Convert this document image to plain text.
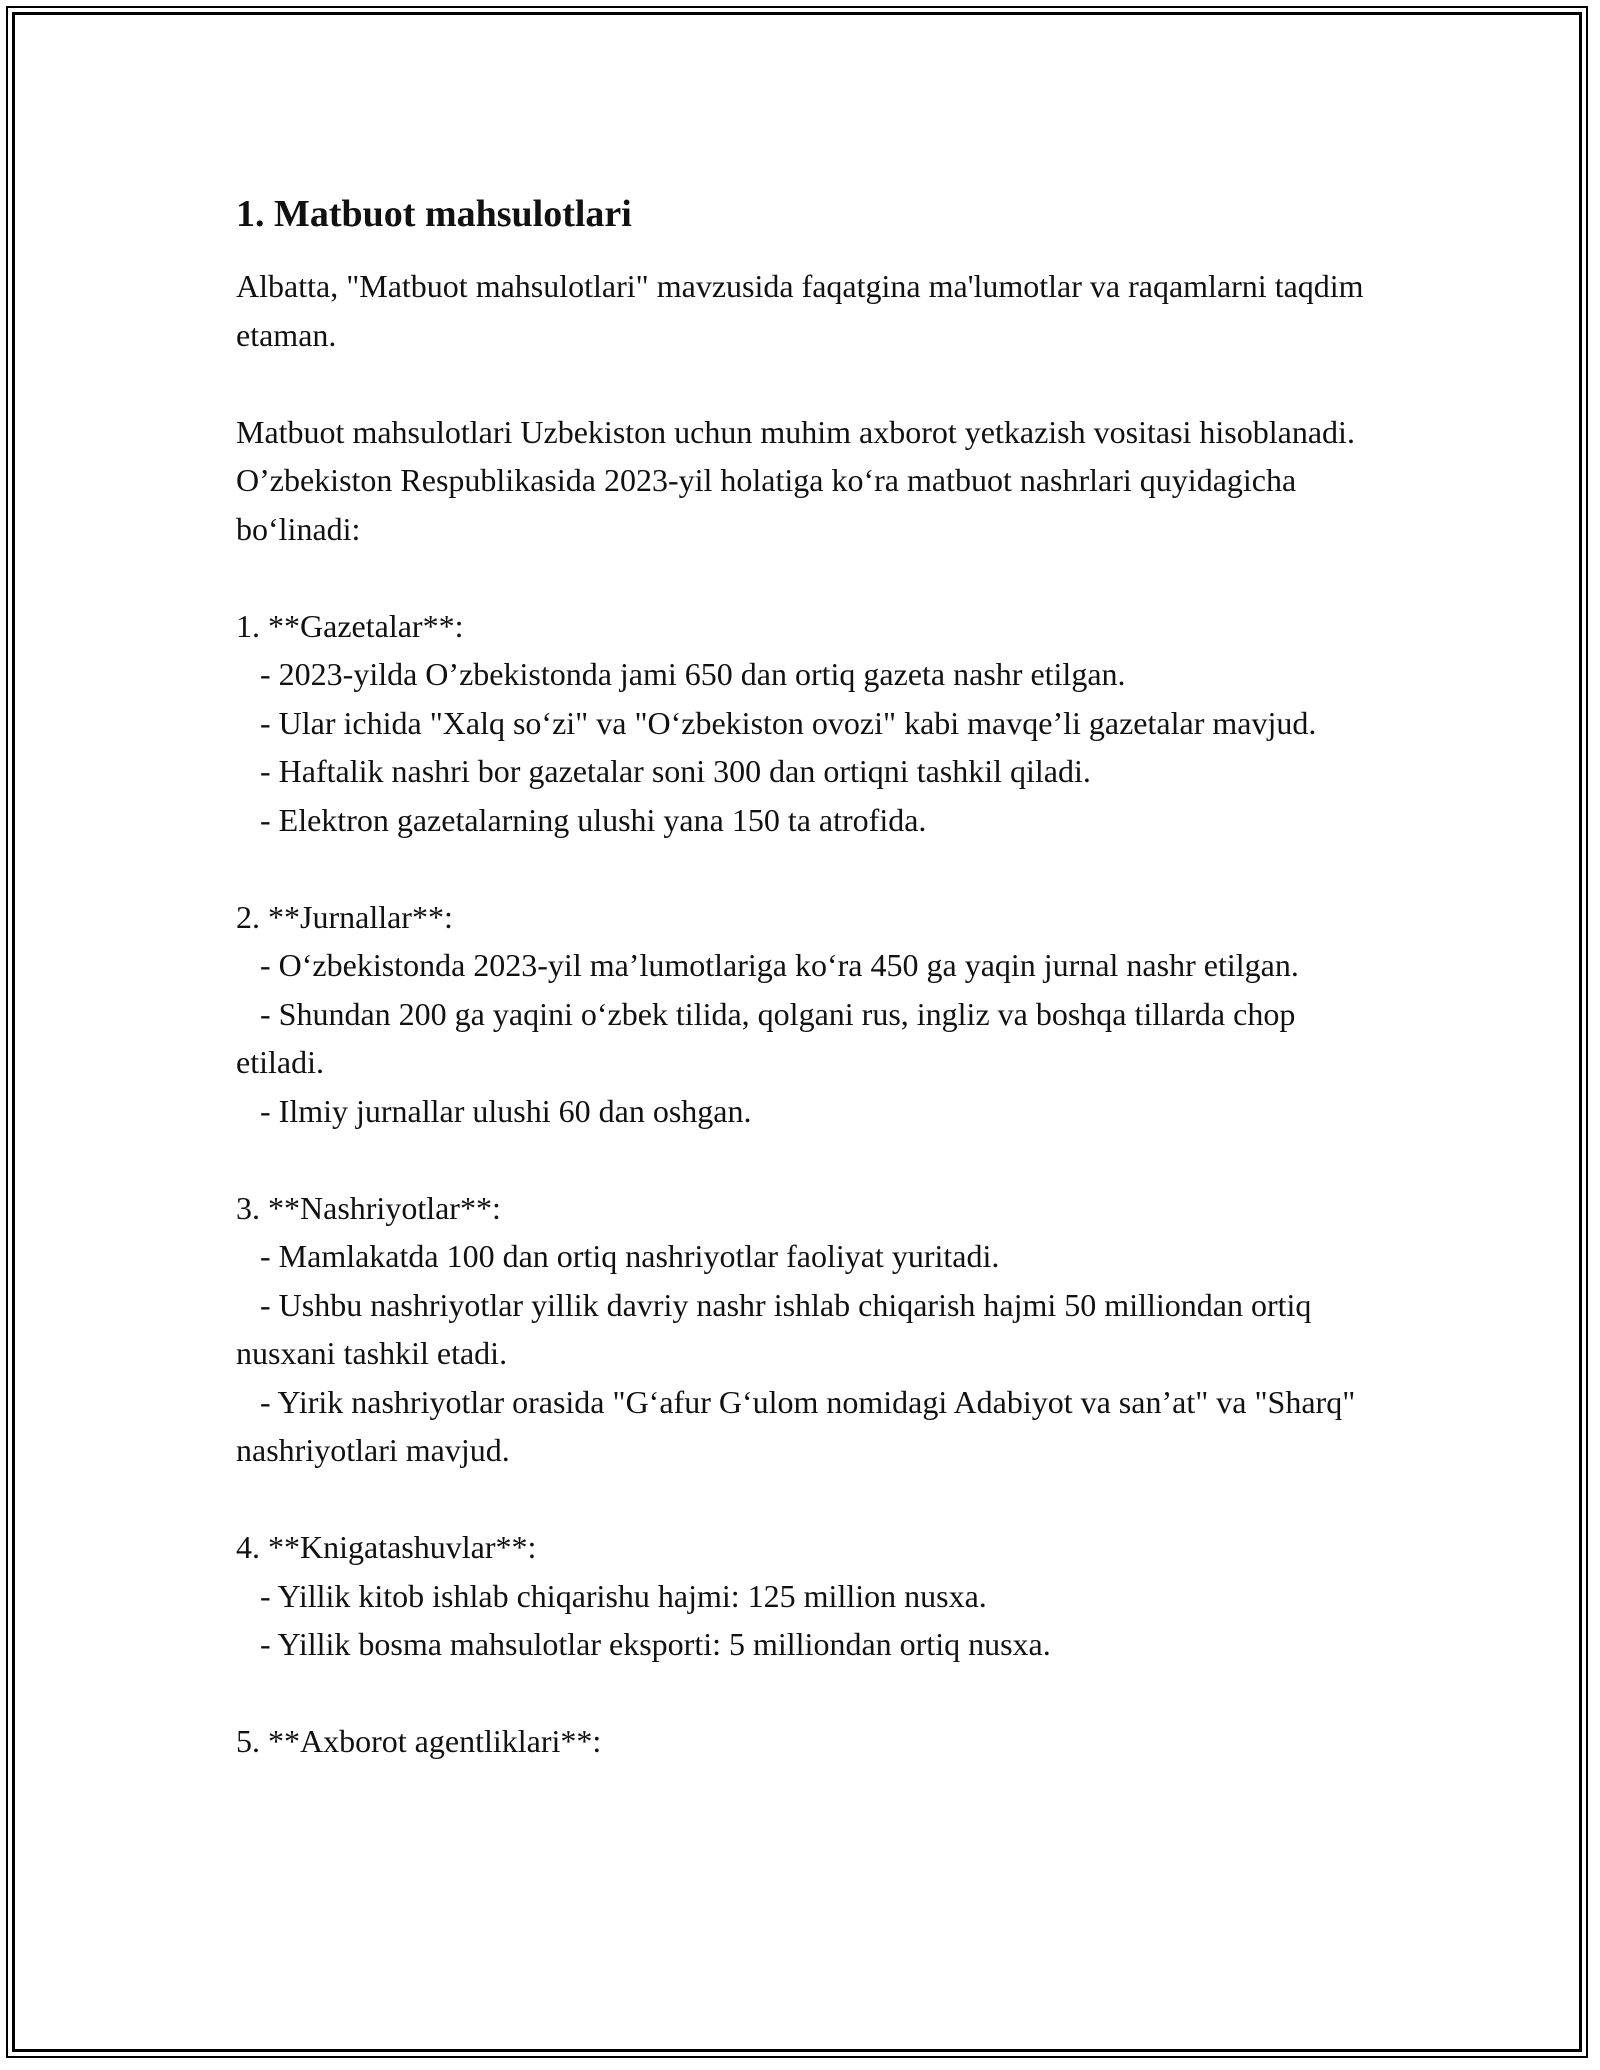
1. Matbuot mahsulotlari

Albatta, "Matbuot mahsulotlari" mavzusida faqatgina ma'lumotlar va raqamlarni taqdim etaman.

Matbuot mahsulotlari Uzbekiston uchun muhim axborot yetkazish vositasi hisoblanadi. O’zbekiston Respublikasida 2023-yil holatiga ko‘ra matbuot nashrlari quyidagicha bo‘linadi:

1. **Gazetalar**:

- 2023-yilda O’zbekistonda jami 650 dan ortiq gazeta nashr etilgan.

- Ular ichida "Xalq so‘zi" va "O‘zbekiston ovozi" kabi mavqe’li gazetalar mavjud.

- Haftalik nashri bor gazetalar soni 300 dan ortiqni tashkil qiladi.

- Elektron gazetalarning ulushi yana 150 ta atrofida.

2. **Jurnallar**:

- O‘zbekistonda 2023-yil ma’lumotlariga ko‘ra 450 ga yaqin jurnal nashr etilgan.

- Shundan 200 ga yaqini o‘zbek tilida, qolgani rus, ingliz va boshqa tillarda chop etiladi.

- Ilmiy jurnallar ulushi 60 dan oshgan.

3. **Nashriyotlar**:

- Mamlakatda 100 dan ortiq nashriyotlar faoliyat yuritadi.

- Ushbu nashriyotlar yillik davriy nashr ishlab chiqarish hajmi 50 milliondan ortiq nusxani tashkil etadi.

- Yirik nashriyotlar orasida "G‘afur G‘ulom nomidagi Adabiyot va san’at" va "Sharq" nashriyotlari mavjud.

4. **Knigatashuvlar**:

- Yillik kitob ishlab chiqarishu hajmi: 125 million nusxa.

- Yillik bosma mahsulotlar eksporti: 5 milliondan ortiq nusxa.

5. **Axborot agentliklari**:
